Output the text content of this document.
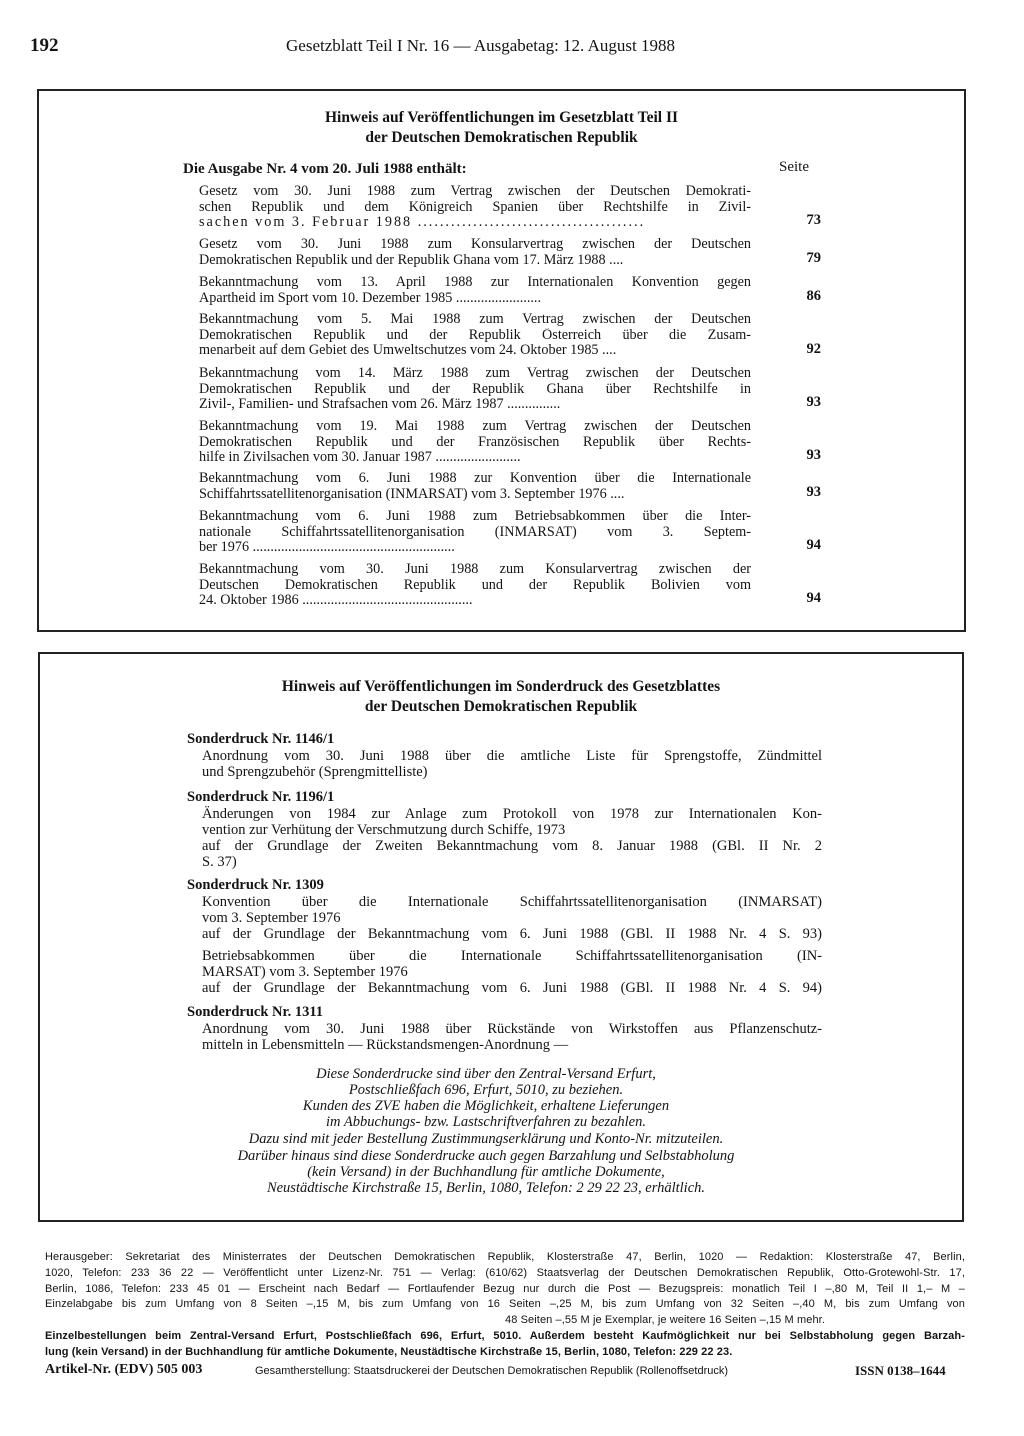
192	Gesetzblatt Teil I Nr. 16 — Ausgabetag: 12. August 1988
Hinweis auf Veröffentlichungen im Gesetzblatt Teil II
der Deutschen Demokratischen Republik
Die Ausgabe Nr. 4 vom 20. Juli 1988 enthält:	Seite
Gesetz vom 30. Juni 1988 zum Vertrag zwischen der Deutschen Demokrati-
schen Republik und dem Königreich Spanien über Rechtshilfe in Zivil-
sachen vom 3. Februar 1988 .........................................	73
Gesetz vom 30. Juni 1988 zum Konsularvertrag zwischen der Deutschen
Demokratischen Republik und der Republik Ghana vom 17. März 1988 ....	79
Bekanntmachung vom 13. April 1988 zur Internationalen Konvention gegen
Apartheid im Sport vom 10. Dezember 1985 ........................	86
Bekanntmachung vom 5. Mai 1988 zum Vertrag zwischen der Deutschen
Demokratischen Republik und der Republik Österreich über die Zusam-
menarbeit auf dem Gebiet des Umweltschutzes vom 24. Oktober 1985 ....	92
Bekanntmachung vom 14. März 1988 zum Vertrag zwischen der Deutschen
Demokratischen Republik und der Republik Ghana über Rechtshilfe in
Zivil-, Familien- und Strafsachen vom 26. März 1987 ...............	93
Bekanntmachung vom 19. Mai 1988 zum Vertrag zwischen der Deutschen
Demokratischen Republik und der Französischen Republik über Rechts-
hilfe in Zivilsachen vom 30. Januar 1987 ........................	93
Bekanntmachung vom 6. Juni 1988 zur Konvention über die Internationale
Schiffahrtssatellitenorganisation (INMARSAT) vom 3. September 1976 ....	93
Bekanntmachung vom 6. Juni 1988 zum Betriebsabkommen über die Inter-
nationale Schiffahrtssatellitenorganisation (INMARSAT) vom 3. Septem-
ber 1976 .........................................................	94
Bekanntmachung vom 30. Juni 1988 zum Konsularvertrag zwischen der
Deutschen Demokratischen Republik und der Republik Bolivien vom
24. Oktober 1986 ................................................	94
Hinweis auf Veröffentlichungen im Sonderdruck des Gesetzblattes
der Deutschen Demokratischen Republik
Sonderdruck Nr. 1146/1
Anordnung vom 30. Juni 1988 über die amtliche Liste für Sprengstoffe, Zündmittel
und Sprengzubehör (Sprengmittelliste)
Sonderdruck Nr. 1196/1
Änderungen von 1984 zur Anlage zum Protokoll von 1978 zur Internationalen Kon-
vention zur Verhütung der Verschmutzung durch Schiffe, 1973
auf der Grundlage der Zweiten Bekanntmachung vom 8. Januar 1988 (GBl. II Nr. 2
S. 37)
Sonderdruck Nr. 1309
Konvention über die Internationale Schiffahrtssatellitenorganisation (INMARSAT)
vom 3. September 1976
auf der Grundlage der Bekanntmachung vom 6. Juni 1988 (GBl. II 1988 Nr. 4 S. 93)
Betriebsabkommen über die Internationale Schiffahrtssatellitenorganisation (IN-
MARSAT) vom 3. September 1976
auf der Grundlage der Bekanntmachung vom 6. Juni 1988 (GBl. II 1988 Nr. 4 S. 94)
Sonderdruck Nr. 1311
Anordnung vom 30. Juni 1988 über Rückstände von Wirkstoffen aus Pflanzenschutz-
mitteln in Lebensmitteln — Rückstandsmengen-Anordnung —
Diese Sonderdrucke sind über den Zentral-Versand Erfurt,
Postschließfach 696, Erfurt, 5010, zu beziehen.
Kunden des ZVE haben die Möglichkeit, erhaltene Lieferungen
im Abbuchungs- bzw. Lastschriftverfahren zu bezahlen.
Dazu sind mit jeder Bestellung Zustimmungserklärung und Konto-Nr. mitzuteilen.
Darüber hinaus sind diese Sonderdrucke auch gegen Barzahlung und Selbstabholung
(kein Versand) in der Buchhandlung für amtliche Dokumente,
Neustädtische Kirchstraße 15, Berlin, 1080, Telefon: 2 29 22 23, erhältlich.
Herausgeber: Sekretariat des Ministerrates der Deutschen Demokratischen Republik, Klosterstraße 47, Berlin, 1020 — Redaktion: Klosterstraße 47, Berlin,
1020, Telefon: 233 36 22 — Veröffentlicht unter Lizenz-Nr. 751 — Verlag: (610/62) Staatsverlag der Deutschen Demokratischen Republik, Otto-Grotewohl-Str. 17,
Berlin, 1086, Telefon: 233 45 01 — Erscheint nach Bedarf — Fortlaufender Bezug nur durch die Post — Bezugspreis: monatlich Teil I –,80 M, Teil II 1,– M –
Einzelabgabe bis zum Umfang von 8 Seiten –,15 M, bis zum Umfang von 16 Seiten –,25 M, bis zum Umfang von 32 Seiten –,40 M, bis zum Umfang von
48 Seiten –,55 M je Exemplar, je weitere 16 Seiten –,15 M mehr.
Einzelbestellungen beim Zentral-Versand Erfurt, Postschließfach 696, Erfurt, 5010. Außerdem besteht Kaufmöglichkeit nur bei Selbstabholung gegen Barzah-
lung (kein Versand) in der Buchhandlung für amtliche Dokumente, Neustädtische Kirchstraße 15, Berlin, 1080, Telefon: 229 22 23.
Artikel-Nr. (EDV) 505 003	Gesamtherstellung: Staatsdruckerei der Deutschen Demokratischen Republik (Rollenoffsetdruck)	ISSN 0138–1644
